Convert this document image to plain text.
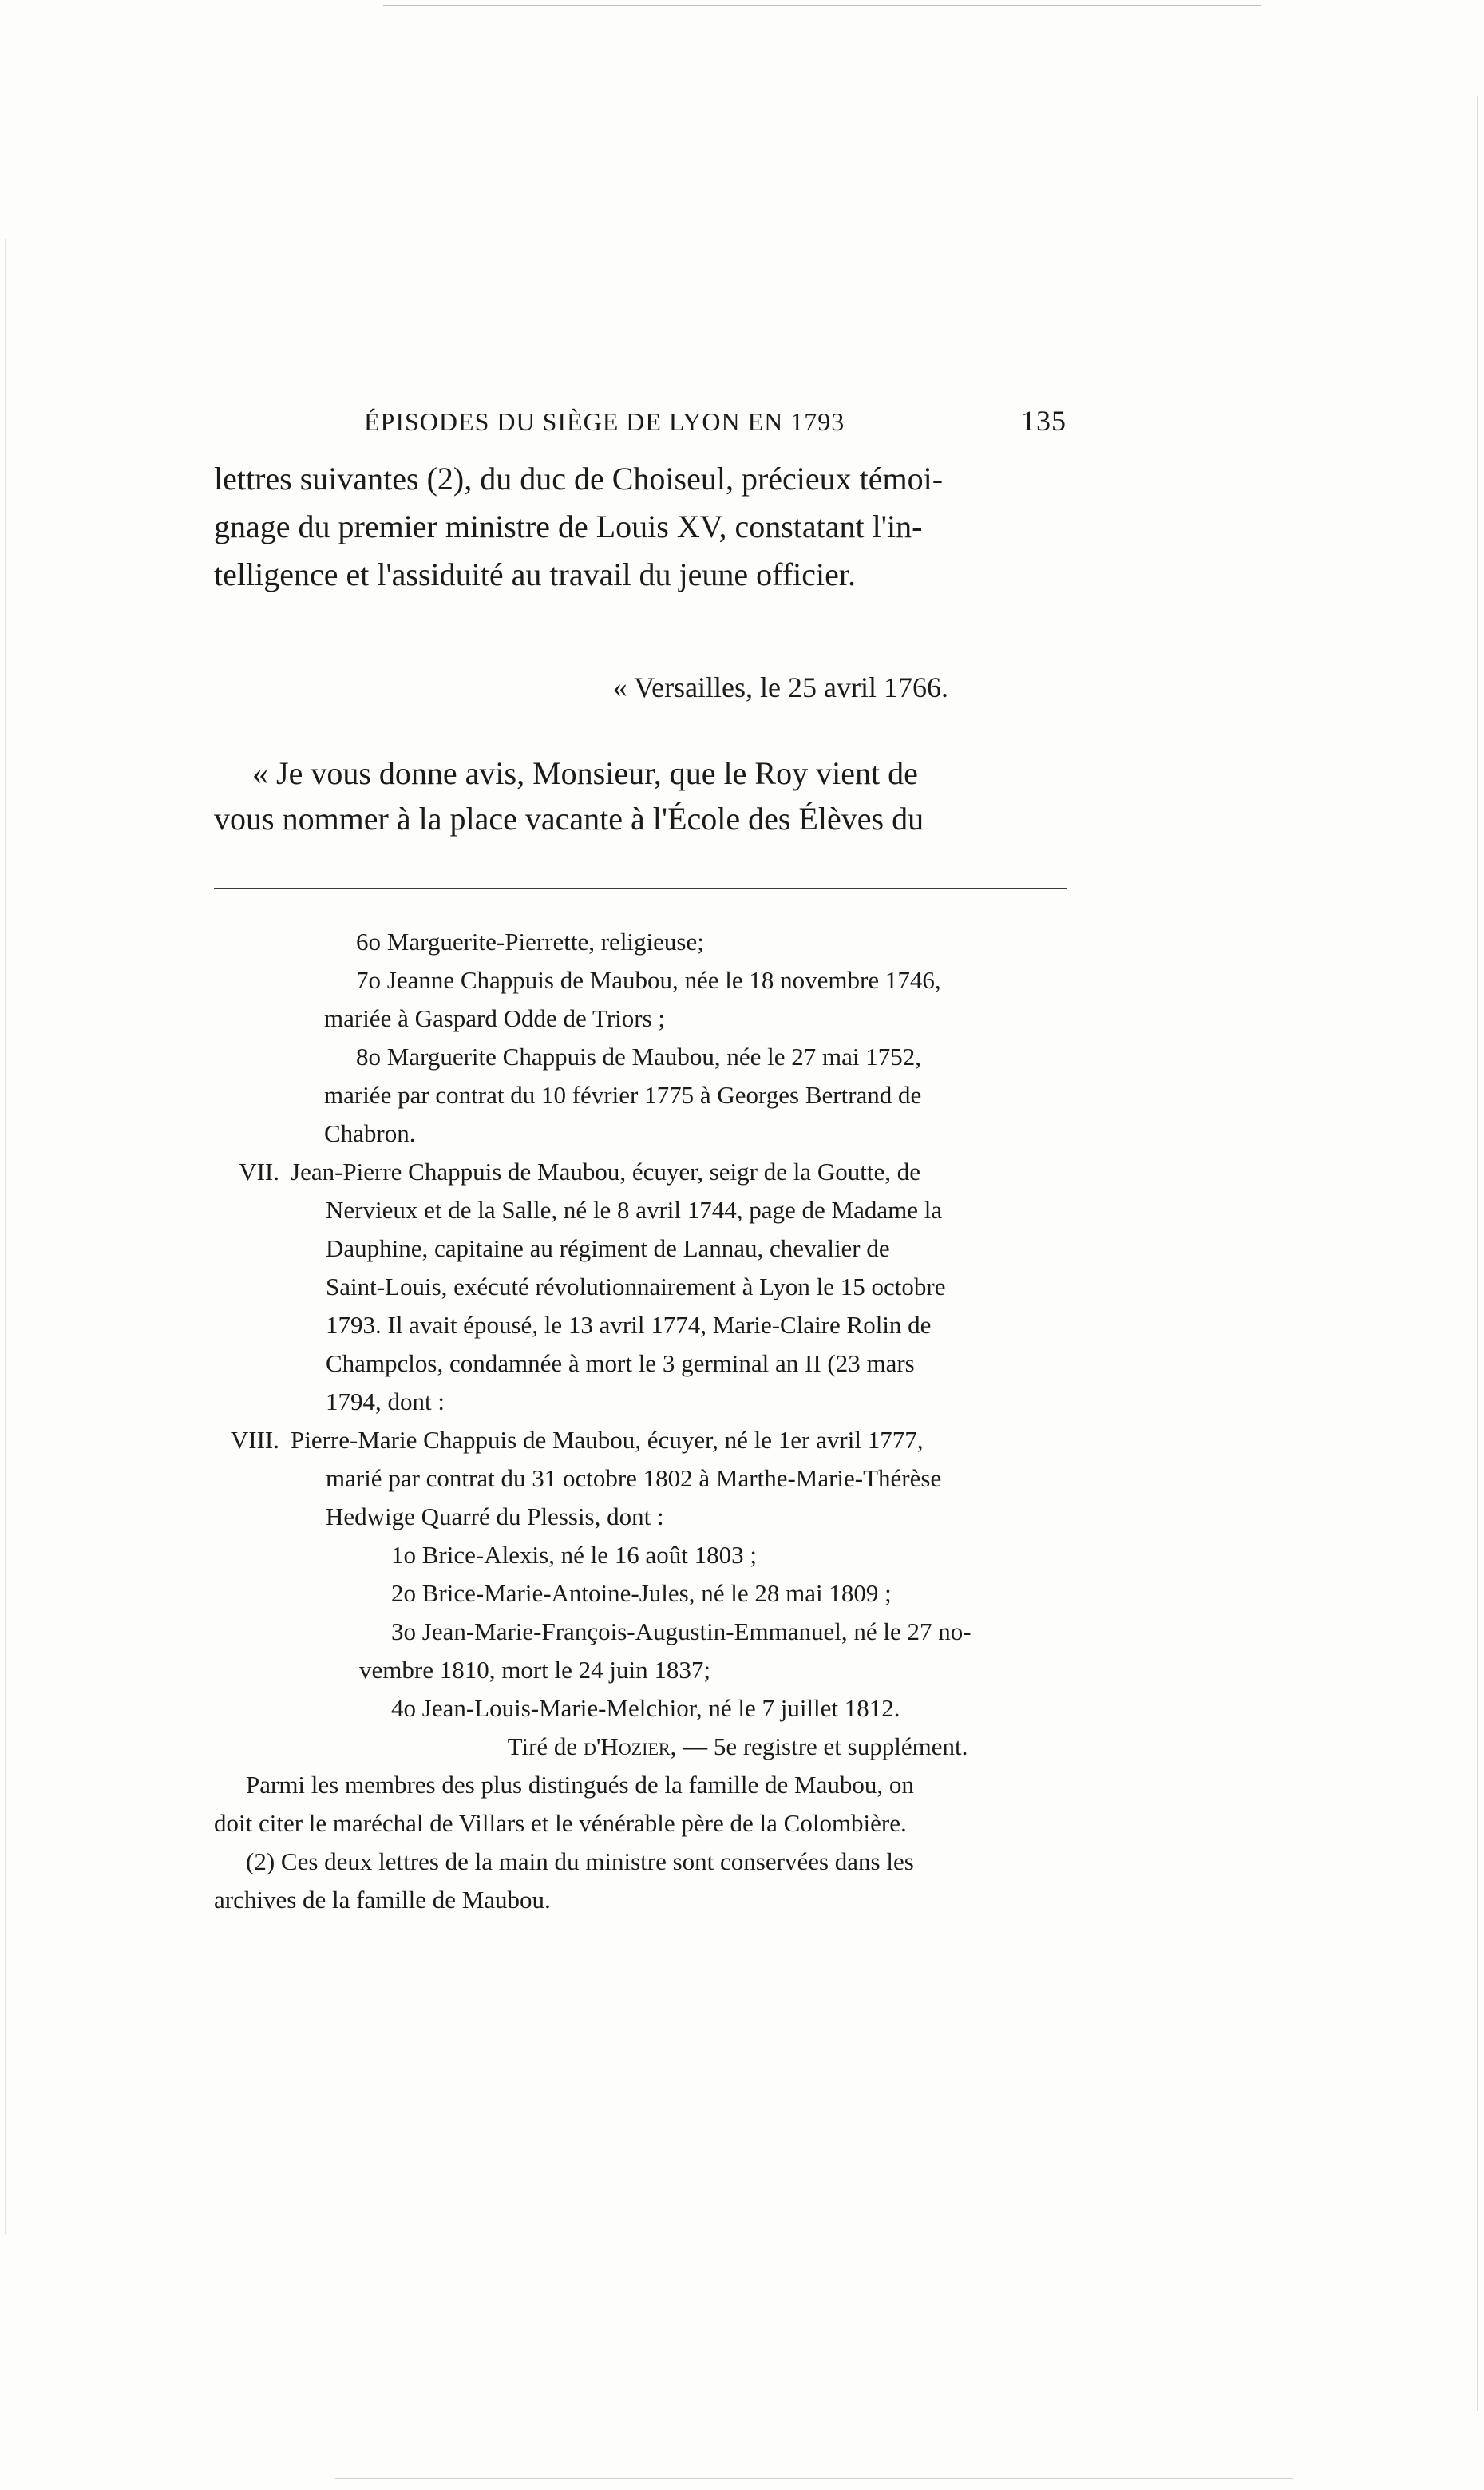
ÉPISODES DU SIÈGE DE LYON EN 1793	135

lettres suivantes (2), du duc de Choiseul, précieux témoi-

gnage du premier ministre de Louis XV, constatant l'in-

telligence et l'assiduité au travail du jeune officier.

« Versailles, le 25 avril 1766.

« Je vous donne avis, Monsieur, que le Roy vient de

vous nommer à la place vacante à l'École des Élèves du

6o Marguerite-Pierrette, religieuse;

7o Jeanne Chappuis de Maubou, née le 18 novembre 1746,

mariée à Gaspard Odde de Triors ;

8o Marguerite Chappuis de Maubou, née le 27 mai 1752,

mariée par contrat du 10 février 1775 à Georges Bertrand de

Chabron.

VII. Jean-Pierre Chappuis de Maubou, écuyer, seigr de la Goutte, de

Nervieux et de la Salle, né le 8 avril 1744, page de Madame la

Dauphine, capitaine au régiment de Lannau, chevalier de

Saint-Louis, exécuté révolutionnairement à Lyon le 15 octobre

1793. Il avait épousé, le 13 avril 1774, Marie-Claire Rolin de

Champclos, condamnée à mort le 3 germinal an II (23 mars

1794, dont :

VIII. Pierre-Marie Chappuis de Maubou, écuyer, né le 1er avril 1777,

marié par contrat du 31 octobre 1802 à Marthe-Marie-Thérèse

Hedwige Quarré du Plessis, dont :

1o Brice-Alexis, né le 16 août 1803 ;

2o Brice-Marie-Antoine-Jules, né le 28 mai 1809 ;

3o Jean-Marie-François-Augustin-Emmanuel, né le 27 no-

vembre 1810, mort le 24 juin 1837;

4o Jean-Louis-Marie-Melchior, né le 7 juillet 1812.

Tiré de d'Hozier, — 5e registre et supplément.

Parmi les membres des plus distingués de la famille de Maubou, on

doit citer le maréchal de Villars et le vénérable père de la Colombière.

(2) Ces deux lettres de la main du ministre sont conservées dans les

archives de la famille de Maubou.
